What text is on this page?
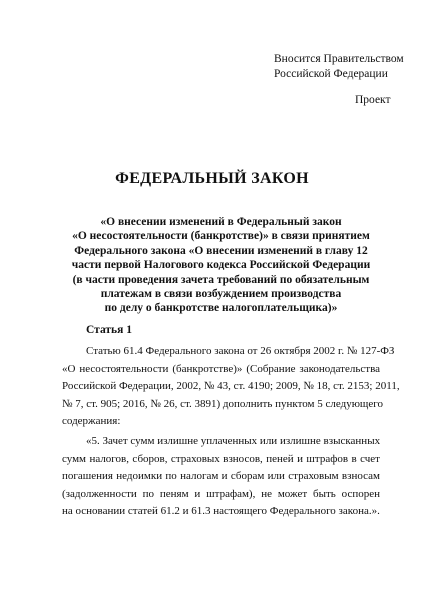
Вносится Правительством
Российской Федерации
Проект
ФЕДЕРАЛЬНЫЙ ЗАКОН
«О внесении изменений в Федеральный закон
«О несостоятельности (банкротстве)» в связи принятием
Федерального закона «О внесении изменений в главу 12
части первой Налогового кодекса Российской Федерации
(в части проведения зачета требований по обязательным
платежам в связи возбуждением производства
по делу о банкротстве налогоплательщика)»
Статья 1
Статью 61.4 Федерального закона от 26 октября 2002 г. № 127-ФЗ
«О несостоятельности (банкротстве)» (Собрание законодательства
Российской Федерации, 2002, № 43, ст. 4190; 2009, № 18, ст. 2153; 2011,
№ 7, ст. 905; 2016, № 26, ст. 3891) дополнить пунктом 5 следующего
содержания:
«5. Зачет сумм излишне уплаченных или излишне взысканных
сумм налогов, сборов, страховых взносов, пеней и штрафов в счет
погашения недоимки по налогам и сборам или страховым взносам
(задолженности по пеням и штрафам), не может быть оспорен
на основании статей 61.2 и 61.3 настоящего Федерального закона.».
